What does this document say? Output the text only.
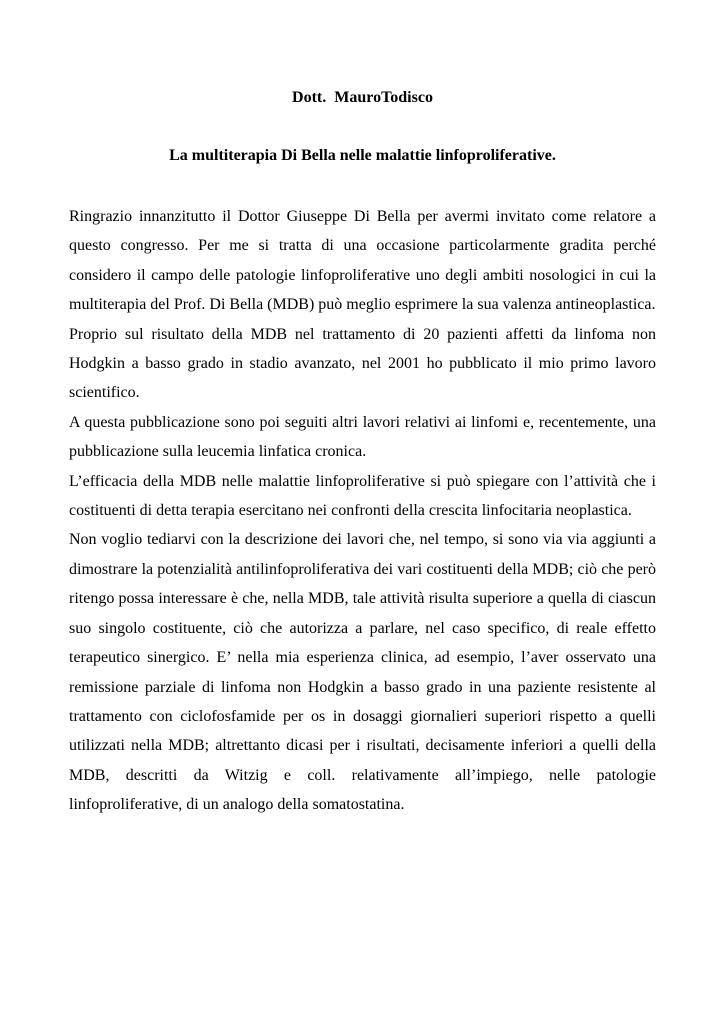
Dott.  MauroTodisco
La multiterapia Di Bella nelle malattie linfoproliferative.

Ringrazio innanzitutto il Dottor Giuseppe Di Bella per avermi invitato come relatore a questo congresso. Per me si tratta di una occasione particolarmente gradita perché considero il campo delle patologie linfoproliferative uno degli ambiti nosologici in cui la multiterapia del Prof. Di Bella (MDB) può meglio esprimere la sua valenza antineoplastica.

Proprio sul risultato della MDB nel trattamento di 20 pazienti affetti da linfoma non Hodgkin a basso grado in stadio avanzato, nel 2001 ho pubblicato il mio primo lavoro scientifico.

A questa pubblicazione sono poi seguiti altri lavori relativi ai linfomi e, recentemente, una pubblicazione sulla leucemia linfatica cronica.

L’efficacia della MDB nelle malattie linfoproliferative si può spiegare con l’attività che i costituenti di detta terapia esercitano nei confronti della crescita linfocitaria neoplastica.

Non voglio tediarvi con la descrizione dei lavori che, nel tempo, si sono via via aggiunti a dimostrare la potenzialità antilinfoproliferativa dei vari costituenti della MDB; ciò che però ritengo possa interessare è che, nella MDB, tale attività risulta superiore a quella di ciascun suo singolo costituente, ciò che autorizza a parlare, nel caso specifico, di reale effetto terapeutico sinergico. E’ nella mia esperienza clinica, ad esempio, l’aver osservato una remissione parziale di linfoma non Hodgkin a basso grado in una paziente resistente al trattamento con ciclofosfamide per os in dosaggi giornalieri superiori rispetto a quelli utilizzati nella MDB; altrettanto dicasi per i risultati, decisamente inferiori a quelli della MDB, descritti da Witzig e coll. relativamente all’impiego, nelle patologie linfoproliferative, di un analogo della somatostatina.
